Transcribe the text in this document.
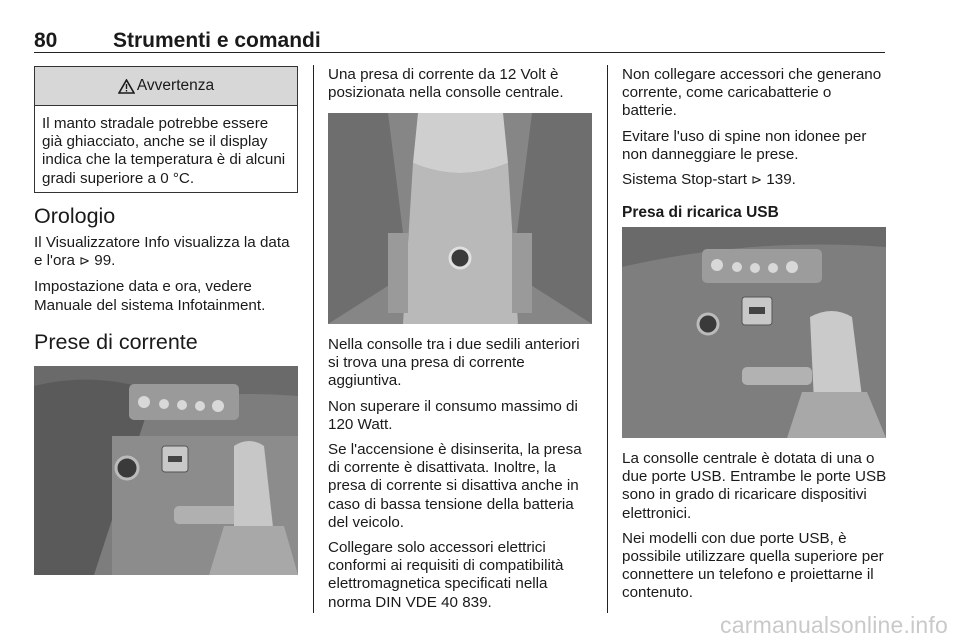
80	Strumenti e comandi
Avvertenza

Il manto stradale potrebbe essere già ghiacciato, anche se il display indica che la temperatura è di alcuni gradi superiore a 0 °C.

Orologio

Il Visualizzatore Info visualizza la data e l'ora ⊳ 99.

Impostazione data e ora, vedere Manuale del sistema Infotainment.

Prese di corrente

Una presa di corrente da 12 Volt è posizionata nella consolle centrale.

Nella consolle tra i due sedili anteriori si trova una presa di corrente aggiuntiva.

Non superare il consumo massimo di 120 Watt.

Se l'accensione è disinserita, la presa di corrente è disattivata. Inoltre, la presa di corrente si disattiva anche in caso di bassa tensione della batteria del veicolo.

Collegare solo accessori elettrici conformi ai requisiti di compatibilità elettromagnetica specificati nella norma DIN VDE 40 839.

Non collegare accessori che generano corrente, come caricabatterie o batterie.

Evitare l'uso di spine non idonee per non danneggiare le prese.

Sistema Stop-start ⊳ 139.

Presa di ricarica USB

La consolle centrale è dotata di una o due porte USB. Entrambe le porte USB sono in grado di ricaricare dispositivi elettronici.

Nei modelli con due porte USB, è possibile utilizzare quella superiore per connettere un telefono e proiettarne il contenuto.

carmanualsonline.info
